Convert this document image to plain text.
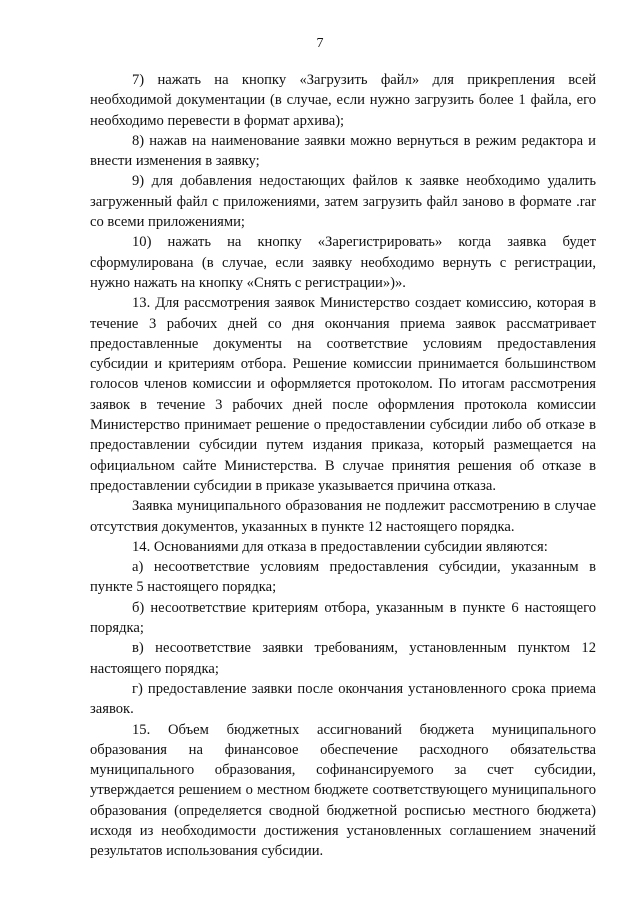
7

7) нажать на кнопку «Загрузить файл» для прикрепления всей необходимой документации (в случае, если нужно загрузить более 1 файла, его необходимо перевести в формат архива);

8) нажав на наименование заявки можно вернуться в режим редактора и внести изменения в заявку;

9) для добавления недостающих файлов к заявке необходимо удалить загруженный файл с приложениями, затем загрузить файл заново в формате .rar со всеми приложениями;

10) нажать на кнопку «Зарегистрировать» когда заявка будет сформулирована (в случае, если заявку необходимо вернуть с регистрации, нужно нажать на кнопку «Снять с регистрации»)».

13. Для рассмотрения заявок Министерство создает комиссию, которая в течение 3 рабочих дней со дня окончания приема заявок рассматривает предоставленные документы на соответствие условиям предоставления субсидии и критериям отбора. Решение комиссии принимается большинством голосов членов комиссии и оформляется протоколом. По итогам рассмотрения заявок в течение 3 рабочих дней после оформления протокола комиссии Министерство принимает решение о предоставлении субсидии либо об отказе в предоставлении субсидии путем издания приказа, который размещается на официальном сайте Министерства. В случае принятия решения об отказе в предоставлении субсидии в приказе указывается причина отказа.

Заявка муниципального образования не подлежит рассмотрению в случае отсутствия документов, указанных в пункте 12 настоящего порядка.

14. Основаниями для отказа в предоставлении субсидии являются:

а) несоответствие условиям предоставления субсидии, указанным в пункте 5 настоящего порядка;

б) несоответствие критериям отбора, указанным в пункте 6 настоящего порядка;

в) несоответствие заявки требованиям, установленным пунктом 12 настоящего порядка;

г) предоставление заявки после окончания установленного срока приема заявок.

15. Объем бюджетных ассигнований бюджета муниципального образования на финансовое обеспечение расходного обязательства муниципального образования, софинансируемого за счет субсидии, утверждается решением о местном бюджете соответствующего муниципального образования (определяется сводной бюджетной росписью местного бюджета) исходя из необходимости достижения установленных соглашением значений результатов использования субсидии.
